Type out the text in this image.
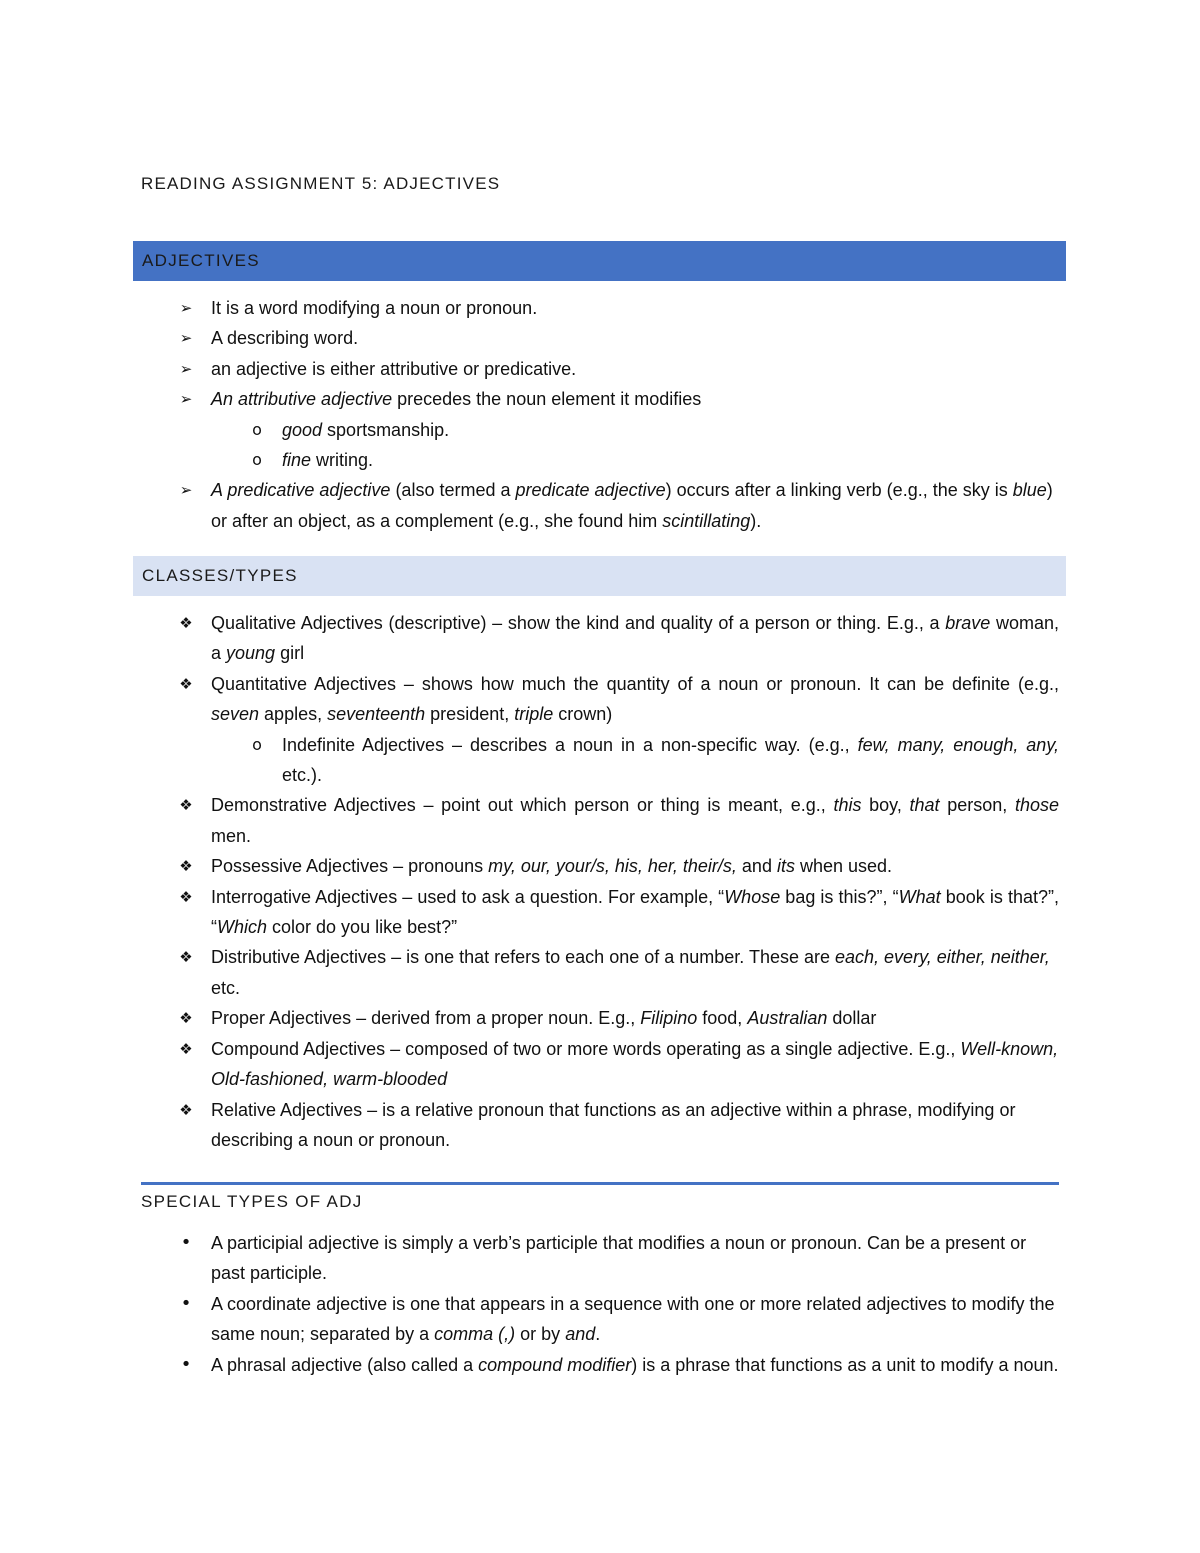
READING ASSIGNMENT 5: ADJECTIVES
ADJECTIVES
➢ It is a word modifying a noun or pronoun.
➢ A describing word.
➢ an adjective is either attributive or predicative.
➢ An attributive adjective precedes the noun element it modifies
o good sportsmanship.
o fine writing.
➢ A predicative adjective (also termed a predicate adjective) occurs after a linking verb (e.g., the sky is blue) or after an object, as a complement (e.g., she found him scintillating).
CLASSES/TYPES
❖ Qualitative Adjectives (descriptive) – show the kind and quality of a person or thing. E.g., a brave woman, a young girl
❖ Quantitative Adjectives – shows how much the quantity of a noun or pronoun. It can be definite (e.g., seven apples, seventeenth president, triple crown)
o Indefinite Adjectives – describes a noun in a non-specific way. (e.g., few, many, enough, any, etc.).
❖ Demonstrative Adjectives – point out which person or thing is meant, e.g., this boy, that person, those men.
❖ Possessive Adjectives – pronouns my, our, your/s, his, her, their/s, and its when used.
❖ Interrogative Adjectives – used to ask a question. For example, “Whose bag is this?”, “What book is that?”, “Which color do you like best?”
❖ Distributive Adjectives – is one that refers to each one of a number. These are each, every, either, neither, etc.
❖ Proper Adjectives – derived from a proper noun. E.g., Filipino food, Australian dollar
❖ Compound Adjectives – composed of two or more words operating as a single adjective. E.g., Well-known, Old-fashioned, warm-blooded
❖ Relative Adjectives – is a relative pronoun that functions as an adjective within a phrase, modifying or describing a noun or pronoun.
SPECIAL TYPES OF ADJ
• A participial adjective is simply a verb’s participle that modifies a noun or pronoun. Can be a present or past participle.
• A coordinate adjective is one that appears in a sequence with one or more related adjectives to modify the same noun; separated by a comma (,) or by and.
• A phrasal adjective (also called a compound modifier) is a phrase that functions as a unit to modify a noun.
